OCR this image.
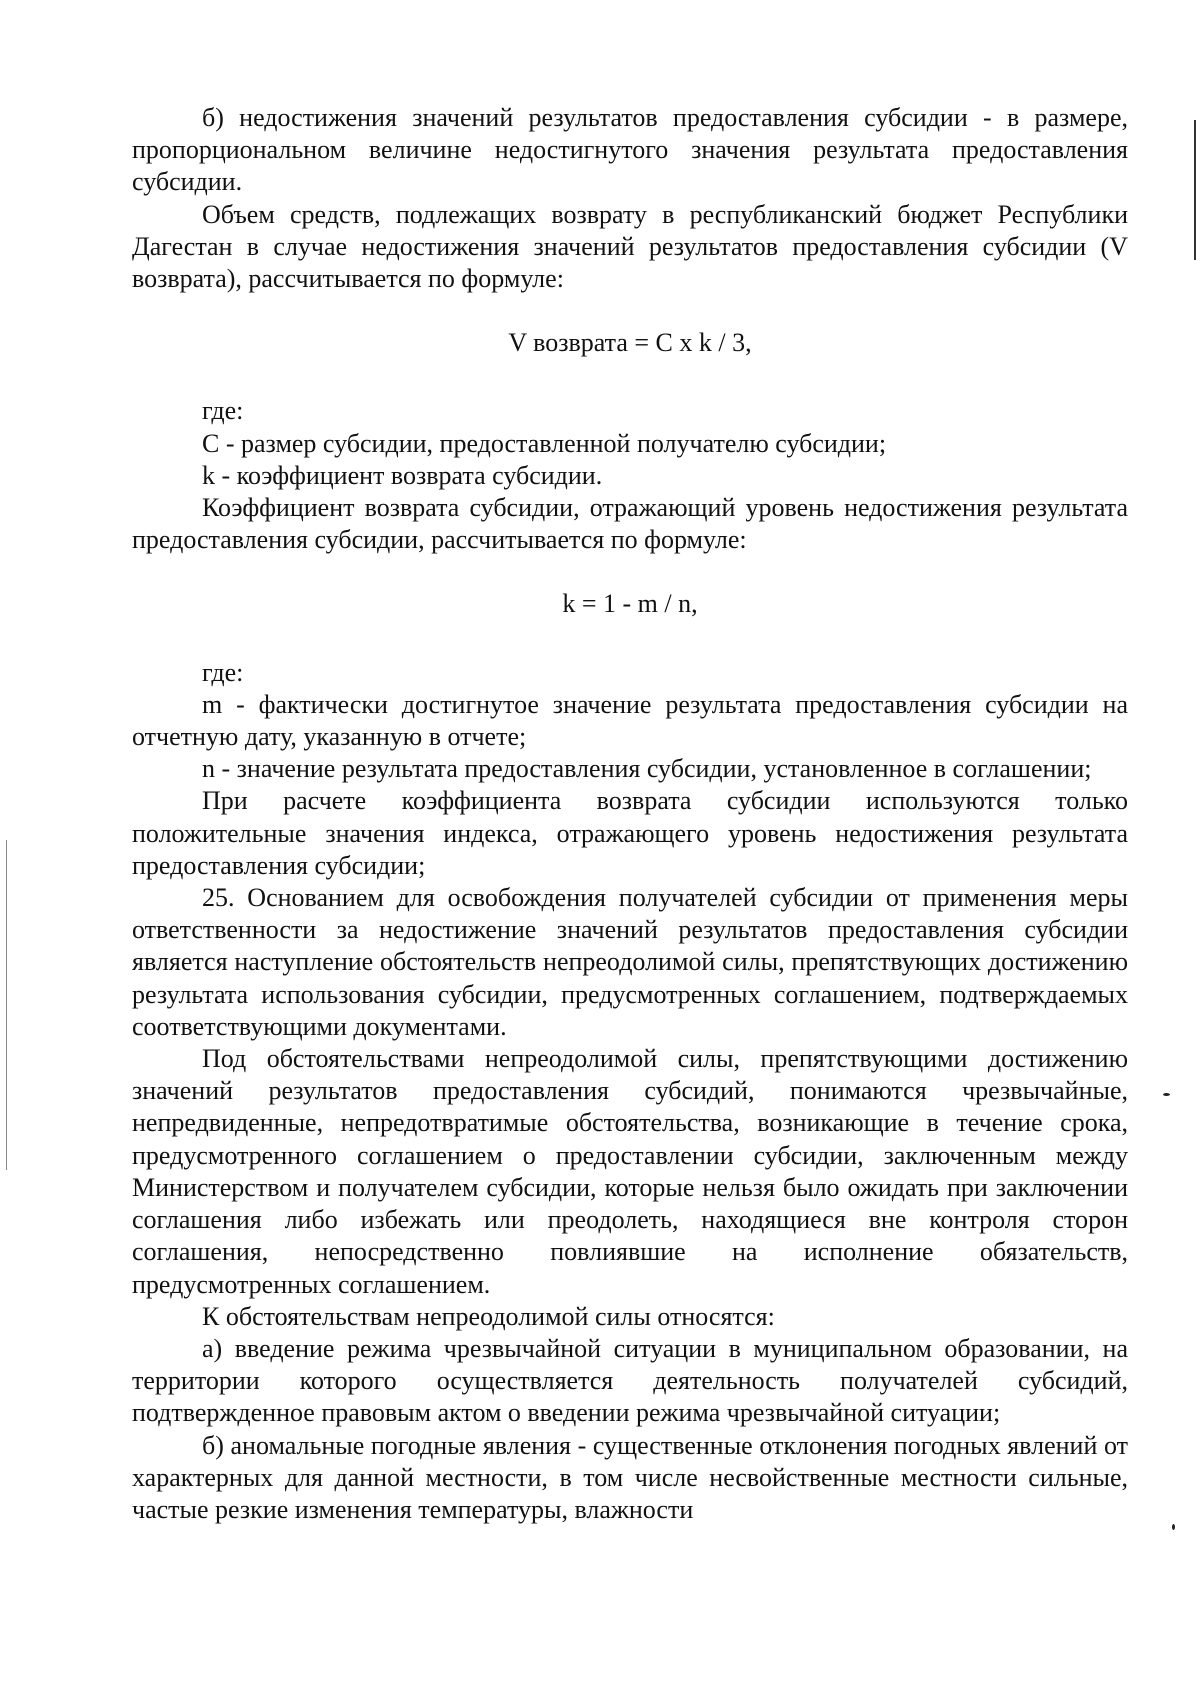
б) недостижения значений результатов предоставления субсидии - в размере, пропорциональном величине недостигнутого значения результата предоставления субсидии.

Объем средств, подлежащих возврату в республиканский бюджет Республики Дагестан в случае недостижения значений результатов предоставления субсидии (V возврата), рассчитывается по формуле:

V возврата = C x k / 3,

где:

C - размер субсидии, предоставленной получателю субсидии;

k - коэффициент возврата субсидии.

Коэффициент возврата субсидии, отражающий уровень недостижения результата предоставления субсидии, рассчитывается по формуле:

k = 1 - m / n,

где:

m - фактически достигнутое значение результата предоставления субсидии на отчетную дату, указанную в отчете;

n - значение результата предоставления субсидии, установленное в соглашении;

При расчете коэффициента возврата субсидии используются только положительные значения индекса, отражающего уровень недостижения результата предоставления субсидии;

25. Основанием для освобождения получателей субсидии от применения меры ответственности за недостижение значений результатов предоставления субсидии является наступление обстоятельств непреодолимой силы, препятствующих достижению результата использования субсидии, предусмотренных соглашением, подтверждаемых соответствующими документами.

Под обстоятельствами непреодолимой силы, препятствующими достижению значений результатов предоставления субсидий, понимаются чрезвычайные, непредвиденные, непредотвратимые обстоятельства, возникающие в течение срока, предусмотренного соглашением о предоставлении субсидии, заключенным между Министерством и получателем субсидии, которые нельзя было ожидать при заключении соглашения либо избежать или преодолеть, находящиеся вне контроля сторон соглашения, непосредственно повлиявшие на исполнение обязательств, предусмотренных соглашением.

К обстоятельствам непреодолимой силы относятся:

а) введение режима чрезвычайной ситуации в муниципальном образовании, на территории которого осуществляется деятельность получателей субсидий, подтвержденное правовым актом о введении режима чрезвычайной ситуации;

б) аномальные погодные явления - существенные отклонения погодных явлений от характерных для данной местности, в том числе несвойственные местности сильные, частые резкие изменения температуры, влажности
